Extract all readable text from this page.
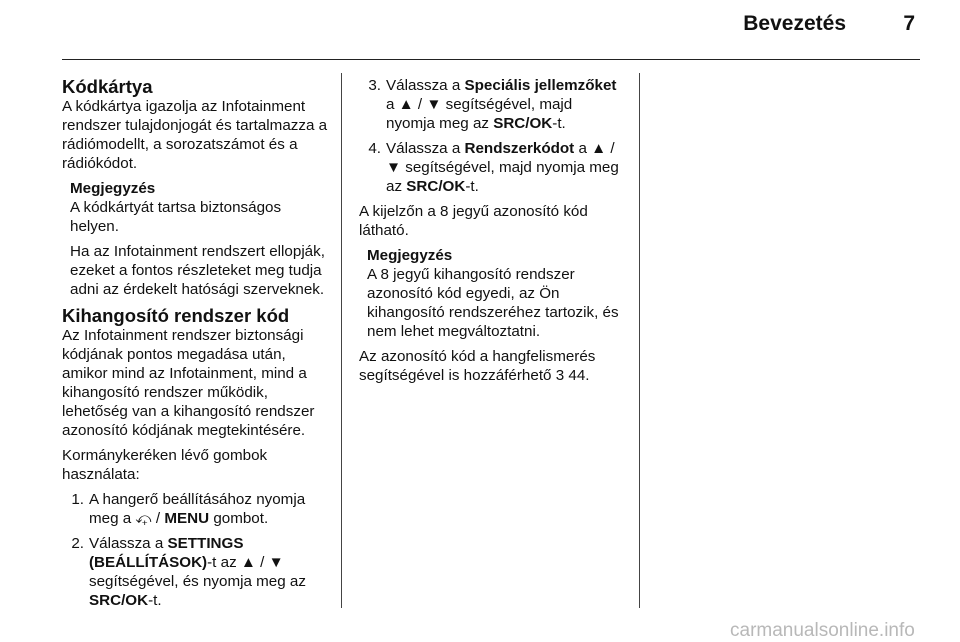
Bevezetés	7
Kódkártya

A kódkártya igazolja az Infotainment rendszer tulajdonjogát és tartalmazza a rádiómodellt, a sorozatszámot és a rádiókódot.

Megjegyzés

A kódkártyát tartsa biztonságos helyen.

Ha az Infotainment rendszert ellopják, ezeket a fontos részleteket meg tudja adni az érdekelt hatósági szerveknek.

Kihangosító rendszer kód

Az Infotainment rendszer biztonsági kódjának pontos megadása után, amikor mind az Infotainment, mind a kihangosító rendszer működik, lehetőség van a kihangosító rendszer azonosító kódjának megtekintésére.

Kormánykeréken lévő gombok használata:

1. A hangerő beállításához nyomja meg a ⤽ / MENU gombot.
2. Válassza a SETTINGS (BEÁLLÍTÁSOK)-t az ▲ / ▼ segítségével, és nyomja meg az SRC/OK-t.
3. Válassza a Speciális jellemzőket a ▲ / ▼ segítségével, majd nyomja meg az SRC/OK-t.
4. Válassza a Rendszerkódot a ▲ / ▼ segítségével, majd nyomja meg az SRC/OK-t.

A kijelzőn a 8 jegyű azonosító kód látható.

Megjegyzés

A 8 jegyű kihangosító rendszer azonosító kód egyedi, az Ön kihangosító rendszeréhez tartozik, és nem lehet megváltoztatni.

Az azonosító kód a hangfelismerés segítségével is hozzáférhető 3 44.

carmanualsonline.info
